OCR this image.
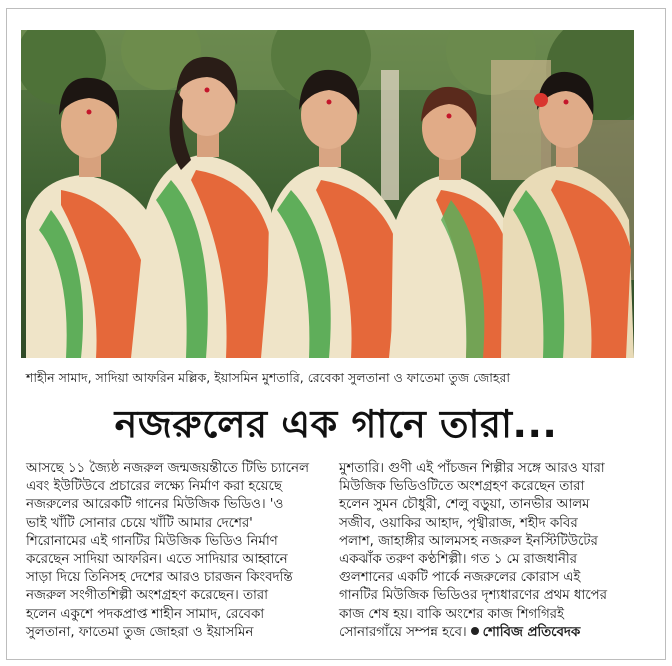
শাহীন সামাদ, সাদিয়া আফরিন মল্লিক, ইয়াসমিন মুশতারি, রেবেকা সুলতানা ও ফাতেমা তুজ জোহরা
নজরুলের এক গানে তারা...

আসছে ১১ জ্যৈষ্ঠ নজরুল জন্মজয়ন্তীতে টিভি চ্যানেল

এবং ইউটিউবে প্রচারের লক্ষ্যে নির্মাণ করা হয়েছে

নজরুলের আরেকটি গানের মিউজিক ভিডিও। 'ও

ভাই খাঁটি সোনার চেয়ে খাঁটি আমার দেশের'

শিরোনামের এই গানটির মিউজিক ভিডিও নির্মাণ

করেছেন সাদিয়া আফরিন। এতে সাদিয়ার আহ্বানে

সাড়া দিয়ে তিনিসহ দেশের আরও চারজন কিংবদন্তি

নজরুল সংগীতশিল্পী অংশগ্রহণ করেছেন। তারা

হলেন একুশে পদকপ্রাপ্ত শাহীন সামাদ, রেবেকা

সুলতানা, ফাতেমা তুজ জোহরা ও ইয়াসমিন

মুশতারি। গুণী এই পাঁচজন শিল্পীর সঙ্গে আরও যারা

মিউজিক ভিডিওটিতে অংশগ্রহণ করেছেন তারা

হলেন সুমন চৌধুরী, শেলু বড়ুয়া, তানভীর আলম

সজীব, ওয়াকির আহাদ, পৃথ্বীরাজ, শহীদ কবির

পলাশ, জাহাঙ্গীর আলমসহ নজরুল ইনস্টিটিউটের

একঝাঁক তরুণ কণ্ঠশিল্পী। গত ১ মে রাজধানীর

গুলশানের একটি পার্কে নজরুলের কোরাস এই

গানটির মিউজিক ভিডিওর দৃশ্যধারণের প্রথম ধাপের

কাজ শেষ হয়। বাকি অংশের কাজ শিগগিরই

সোনারগাঁয়ে সম্পন্ন হবে। শোবিজ প্রতিবেদক
